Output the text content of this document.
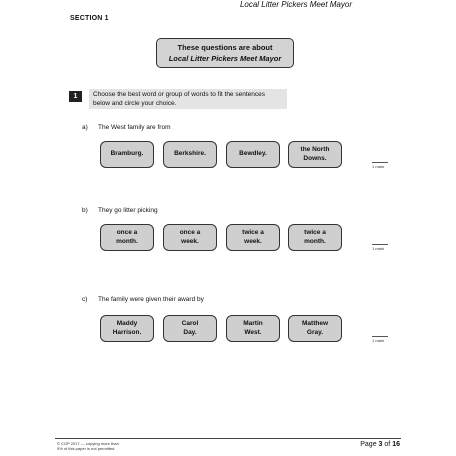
Local Litter Pickers Meet Mayor
SECTION 1
These questions are about
Local Litter Pickers Meet Mayor
1	Choose the best word or group of words to fit the sentences below and circle your choice.
a) The West family are from
Bramburg.	Berkshire.	Bewdley.
the North
Downs.
1 mark
b) They go litter picking
once a
month.
once a
week.
twice a
week.
twice a
month.
1 mark
c) The family were given their award by
Maddy
Harrison.
Carol
Day.
Martin
West.
Matthew
Gray.
1 mark
© CGP 2017 — copying more than
5% of this paper is not permitted
Page 3 of 16
